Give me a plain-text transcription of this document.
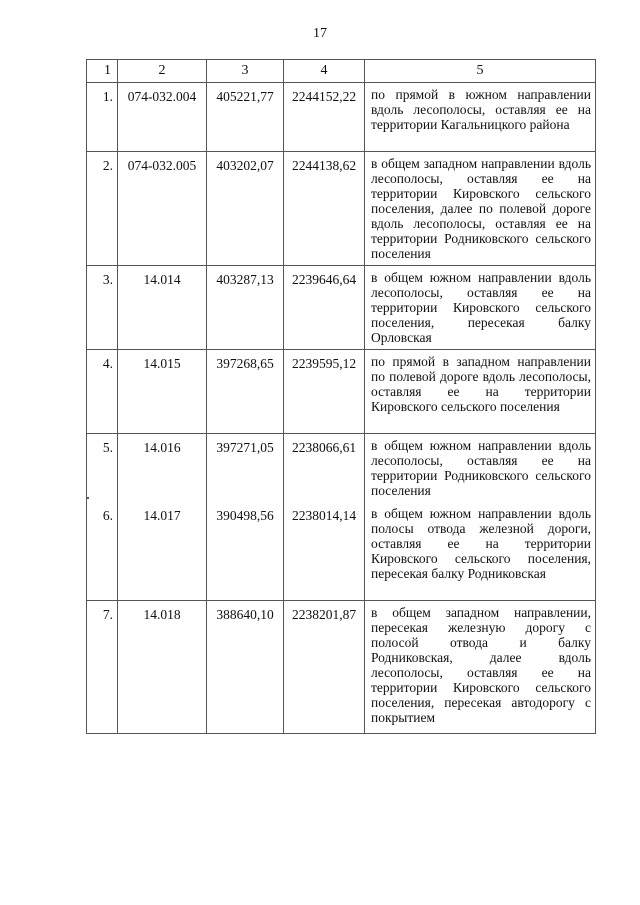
17
1	2	3	4	5
1.	074-032.004	405221,77	2244152,22	по прямой в южном направлении вдоль лесополосы, оставляя ее на территории Кагальницкого района
2.	074-032.005	403202,07	2244138,62	в общем западном направлении вдоль лесополосы, оставляя ее на территории Кировского сельского поселения, далее по полевой дороге вдоль лесополосы, оставляя ее на территории Родниковского сельского поселения
3.	14.014	403287,13	2239646,64	в общем южном направлении вдоль лесополосы, оставляя ее на территории Кировского сельского поселения, пересекая балку Орловская
4.	14.015	397268,65	2239595,12	по прямой в западном направлении по полевой дороге вдоль лесополосы, оставляя ее на территории Кировского сельского поселения
5.	14.016	397271,05	2238066,61	в общем южном направлении вдоль лесополосы, оставляя ее на территории Родниковского сельского поселения
6.	14.017	390498,56	2238014,14	в общем южном направлении вдоль полосы отвода железной дороги, оставляя ее на территории Кировского сельского поселения, пересекая балку Родниковская
7.	14.018	388640,10	2238201,87	в общем западном направлении, пересекая железную дорогу с полосой отвода и балку Родниковская, далее вдоль лесополосы, оставляя ее на территории Кировского сельского поселения, пересекая автодорогу с покрытием
